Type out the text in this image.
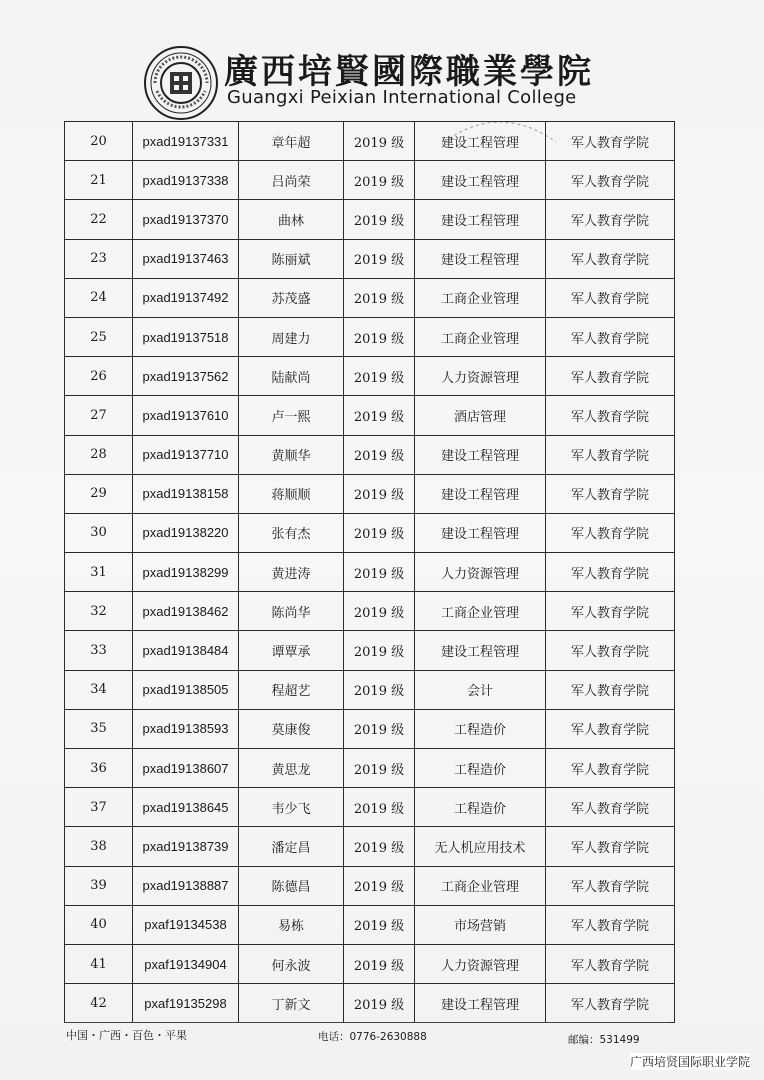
廣西培賢國際職業學院
Guangxi Peixian International College
20	pxad19137331	章年超	2019 级	建设工程管理	军人教育学院
21	pxad19137338	吕尚荣	2019 级	建设工程管理	军人教育学院
22	pxad19137370	曲林	2019 级	建设工程管理	军人教育学院
23	pxad19137463	陈丽斌	2019 级	建设工程管理	军人教育学院
24	pxad19137492	苏茂盛	2019 级	工商企业管理	军人教育学院
25	pxad19137518	周建力	2019 级	工商企业管理	军人教育学院
26	pxad19137562	陆献尚	2019 级	人力资源管理	军人教育学院
27	pxad19137610	卢一熙	2019 级	酒店管理	军人教育学院
28	pxad19137710	黄顺华	2019 级	建设工程管理	军人教育学院
29	pxad19138158	蒋顺顺	2019 级	建设工程管理	军人教育学院
30	pxad19138220	张有杰	2019 级	建设工程管理	军人教育学院
31	pxad19138299	黄进涛	2019 级	人力资源管理	军人教育学院
32	pxad19138462	陈尚华	2019 级	工商企业管理	军人教育学院
33	pxad19138484	谭覃承	2019 级	建设工程管理	军人教育学院
34	pxad19138505	程超艺	2019 级	会计	军人教育学院
35	pxad19138593	莫康俊	2019 级	工程造价	军人教育学院
36	pxad19138607	黄思龙	2019 级	工程造价	军人教育学院
37	pxad19138645	韦少飞	2019 级	工程造价	军人教育学院
38	pxad19138739	潘定昌	2019 级	无人机应用技术	军人教育学院
39	pxad19138887	陈德昌	2019 级	工商企业管理	军人教育学院
40	pxaf19134538	易栋	2019 级	市场营销	军人教育学院
41	pxaf19134904	何永波	2019 级	人力资源管理	军人教育学院
42	pxaf19135298	丁新文	2019 级	建设工程管理	军人教育学院
中国・广西・百色・平果	电话：0776-2630888	邮编：531499
广西培贤国际职业学院
